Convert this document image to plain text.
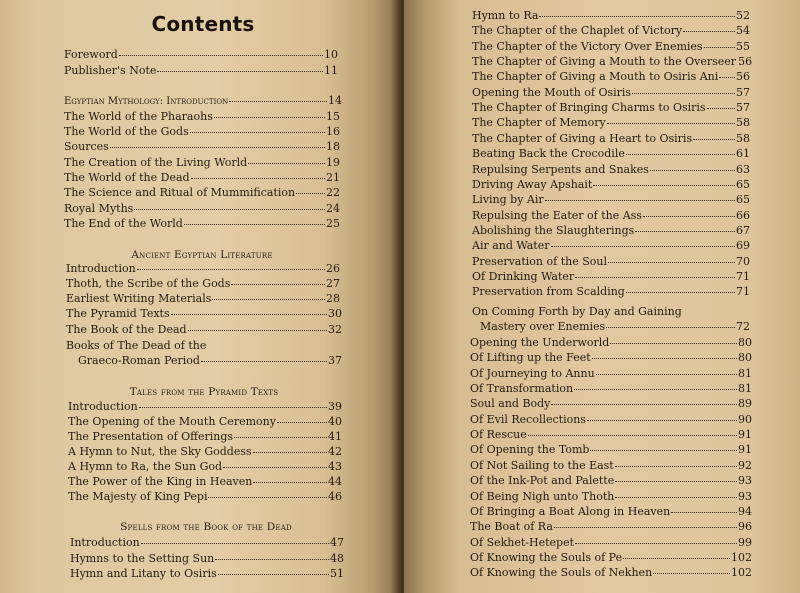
Contents
Foreword	10
Publisher's Note	11
Egyptian Mythology: Introduction	14
The World of the Pharaohs	15
The World of the Gods	16
Sources	18
The Creation of the Living World	19
The World of the Dead	21
The Science and Ritual of Mummification	22
Royal Myths	24
The End of the World	25
Ancient Egyptian Literature
Introduction	26
Thoth, the Scribe of the Gods	27
Earliest Writing Materials	28
The Pyramid Texts	30
The Book of the Dead	32
Books of The Dead of the
Graeco-Roman Period	37
Tales from the Pyramid Texts
Introduction	39
The Opening of the Mouth Ceremony	40
The Presentation of Offerings	41
A Hymn to Nut, the Sky Goddess	42
A Hymn to Ra, the Sun God	43
The Power of the King in Heaven	44
The Majesty of King Pepi	46
Spells from the Book of the Dead
Introduction	47
Hymns to the Setting Sun	48
Hymn and Litany to Osiris	51
Hymn to Ra	52
The Chapter of the Chaplet of Victory	54
The Chapter of the Victory Over Enemies	55
The Chapter of Giving a Mouth to the Overseer 56
The Chapter of Giving a Mouth to Osiris Ani 56
Opening the Mouth of Osiris	57
The Chapter of Bringing Charms to Osiris	57
The Chapter of Memory	58
The Chapter of Giving a Heart to Osiris	58
Beating Back the Crocodile	61
Repulsing Serpents and Snakes	63
Driving Away Apshait	65
Living by Air	65
Repulsing the Eater of the Ass	66
Abolishing the Slaughterings	67
Air and Water	69
Preservation of the Soul	70
Of Drinking Water	71
Preservation from Scalding	71
On Coming Forth by Day and Gaining
Mastery over Enemies	72
Opening the Underworld	80
Of Lifting up the Feet	80
Of Journeying to Annu	81
Of Transformation	81
Soul and Body	89
Of Evil Recollections	90
Of Rescue	91
Of Opening the Tomb	91
Of Not Sailing to the East	92
Of the Ink-Pot and Palette	93
Of Being Nigh unto Thoth	93
Of Bringing a Boat Along in Heaven	94
The Boat of Ra	96
Of Sekhet-Hetepet	99
Of Knowing the Souls of Pe	102
Of Knowing the Souls of Nekhen	102
